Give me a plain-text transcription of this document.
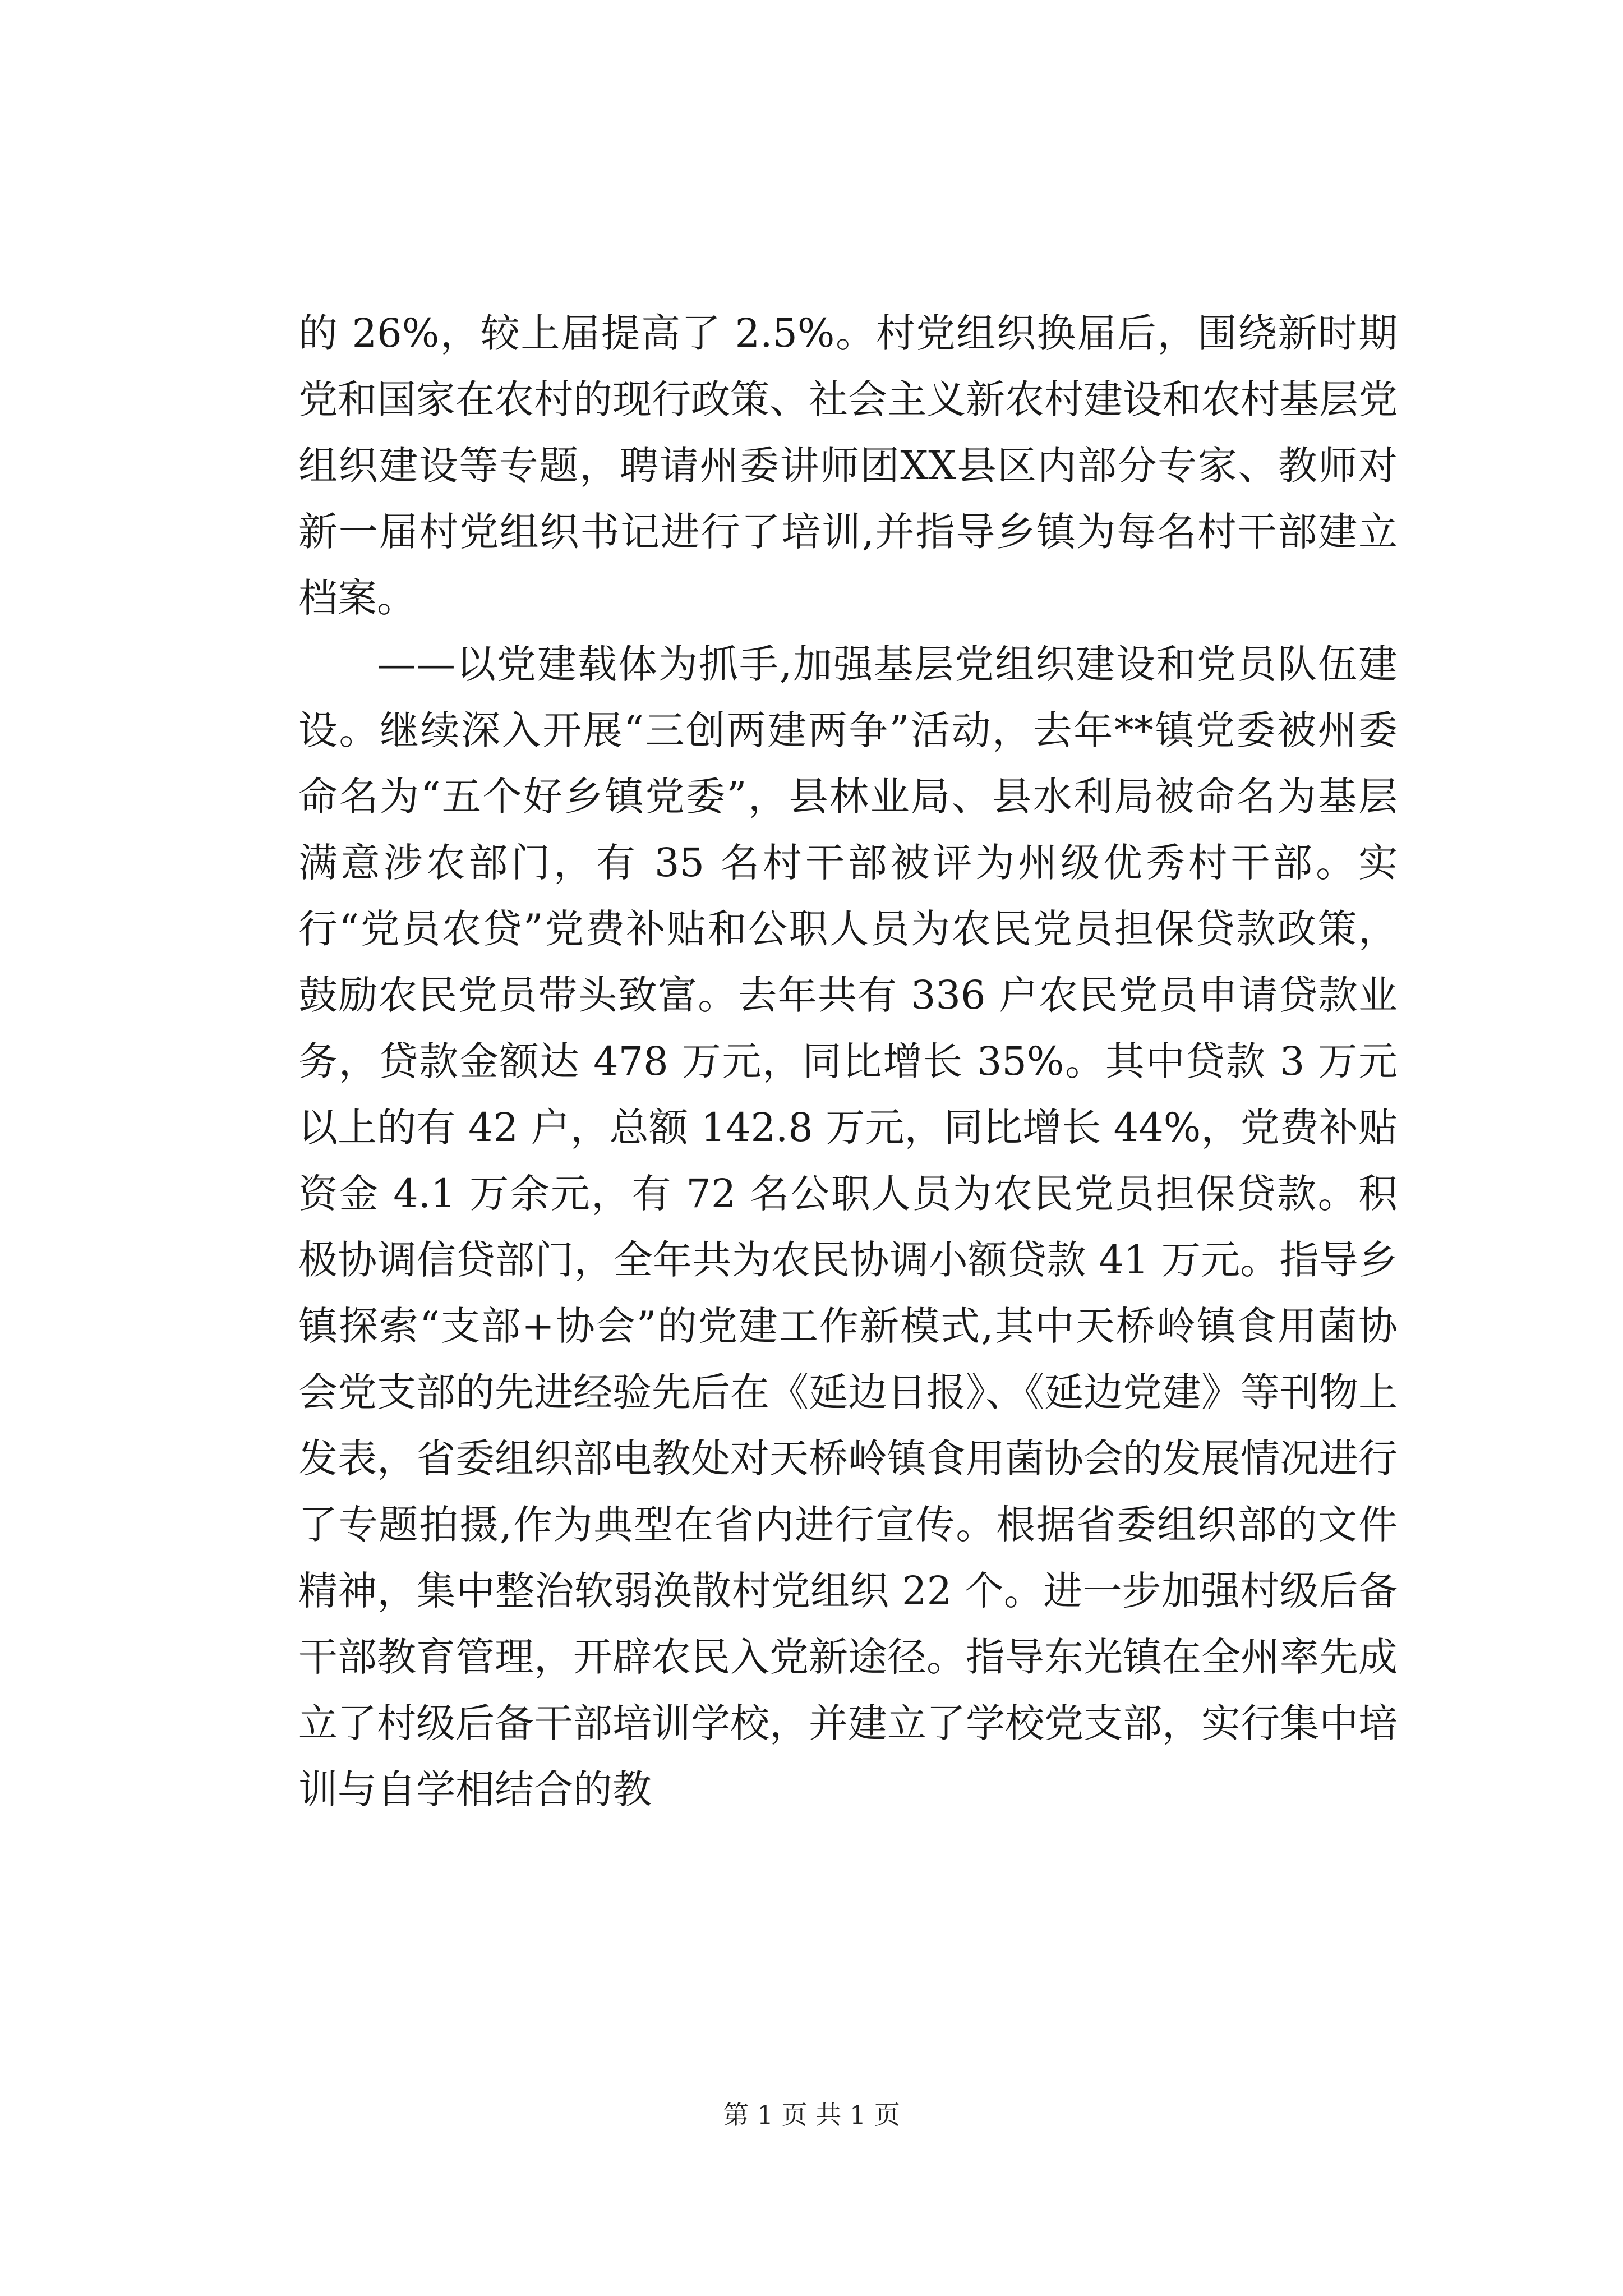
的 26%，较上届提高了 2.5%。村党组织换届后，围绕新时期党和国家在农村的现行政策、社会主义新农村建设和农村基层党组织建设等专题，聘请州委讲师团XX县区内部分专家、教师对新一届村党组织书记进行了培训,并指导乡镇为每名村干部建立档案。

——以党建载体为抓手,加强基层党组织建设和党员队伍建设。继续深入开展“三创两建两争”活动，去年**镇党委被州委命名为“五个好乡镇党委”，县林业局、县水利局被命名为基层满意涉农部门，有 35 名村干部被评为州级优秀村干部。实行“党员农贷”党费补贴和公职人员为农民党员担保贷款政策，鼓励农民党员带头致富。去年共有 336 户农民党员申请贷款业务，贷款金额达 478 万元，同比增长 35%。其中贷款 3 万元以上的有 42 户，总额 142.8 万元，同比增长 44%，党费补贴资金 4.1 万余元，有 72 名公职人员为农民党员担保贷款。积极协调信贷部门，全年共为农民协调小额贷款 41 万元。指导乡镇探索“支部+协会”的党建工作新模式,其中天桥岭镇食用菌协会党支部的先进经验先后在《延边日报》、《延边党建》等刊物上发表，省委组织部电教处对天桥岭镇食用菌协会的发展情况进行了专题拍摄,作为典型在省内进行宣传。根据省委组织部的文件精神，集中整治软弱涣散村党组织 22 个。进一步加强村级后备干部教育管理，开辟农民入党新途径。指导东光镇在全州率先成立了村级后备干部培训学校，并建立了学校党支部，实行集中培训与自学相结合的教

第 1 页 共 1 页
